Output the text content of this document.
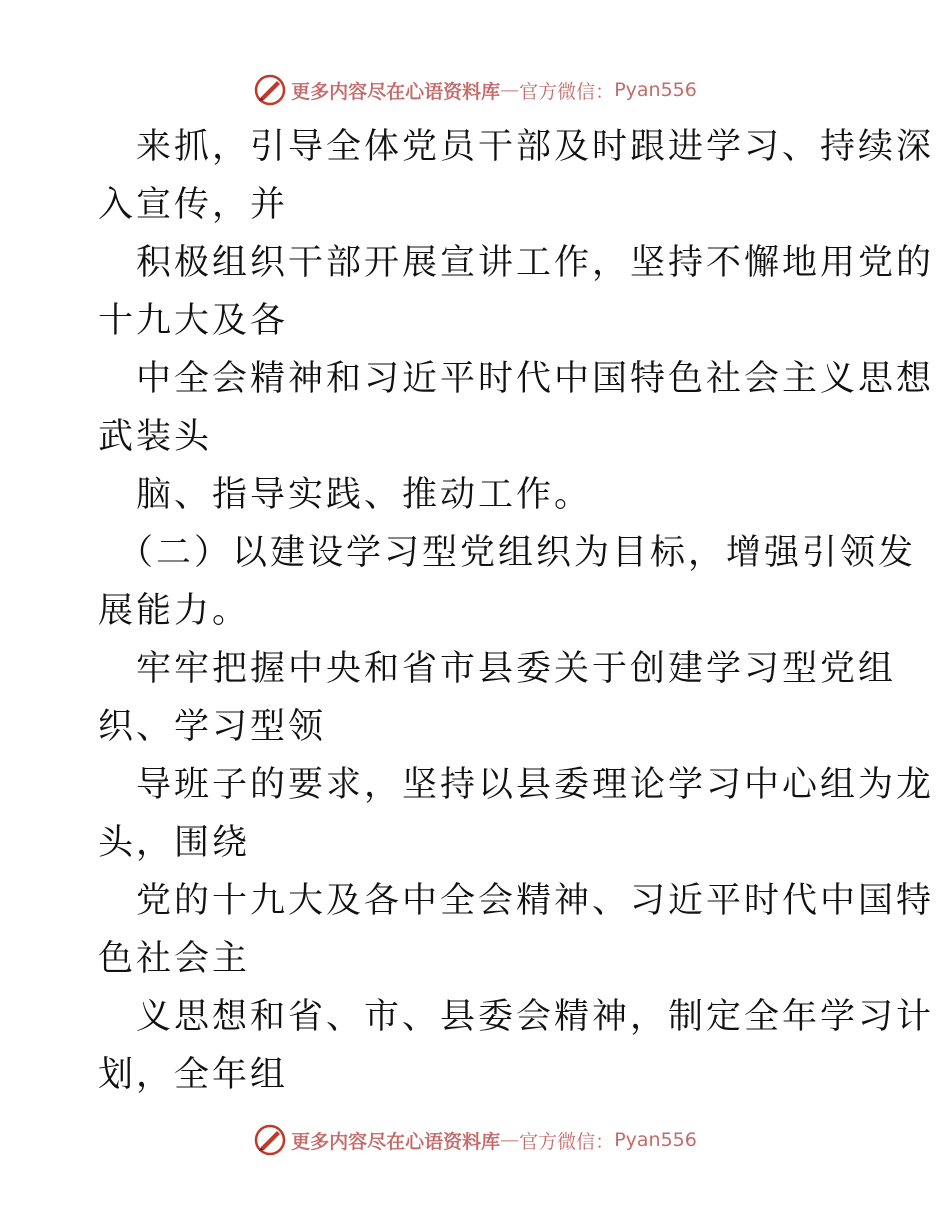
更多内容尽在心语资料库 — 官方微信： Pyan556
来抓，引导全体党员干部及时跟进学习、持续深
入宣传，并
积极组织干部开展宣讲工作，坚持不懈地用党的
十九大及各
中全会精神和习近平时代中国特色社会主义思想
武装头
脑、指导实践、推动工作。
（二）以建设学习型党组织为目标，增强引领发
展能力。
牢牢把握中央和省市县委关于创建学习型党组
织、学习型领
导班子的要求，坚持以县委理论学习中心组为龙
头，围绕
党的十九大及各中全会精神、习近平时代中国特
色社会主
义思想和省、市、县委会精神，制定全年学习计
划，全年组
更多内容尽在心语资料库 — 官方微信： Pyan556
